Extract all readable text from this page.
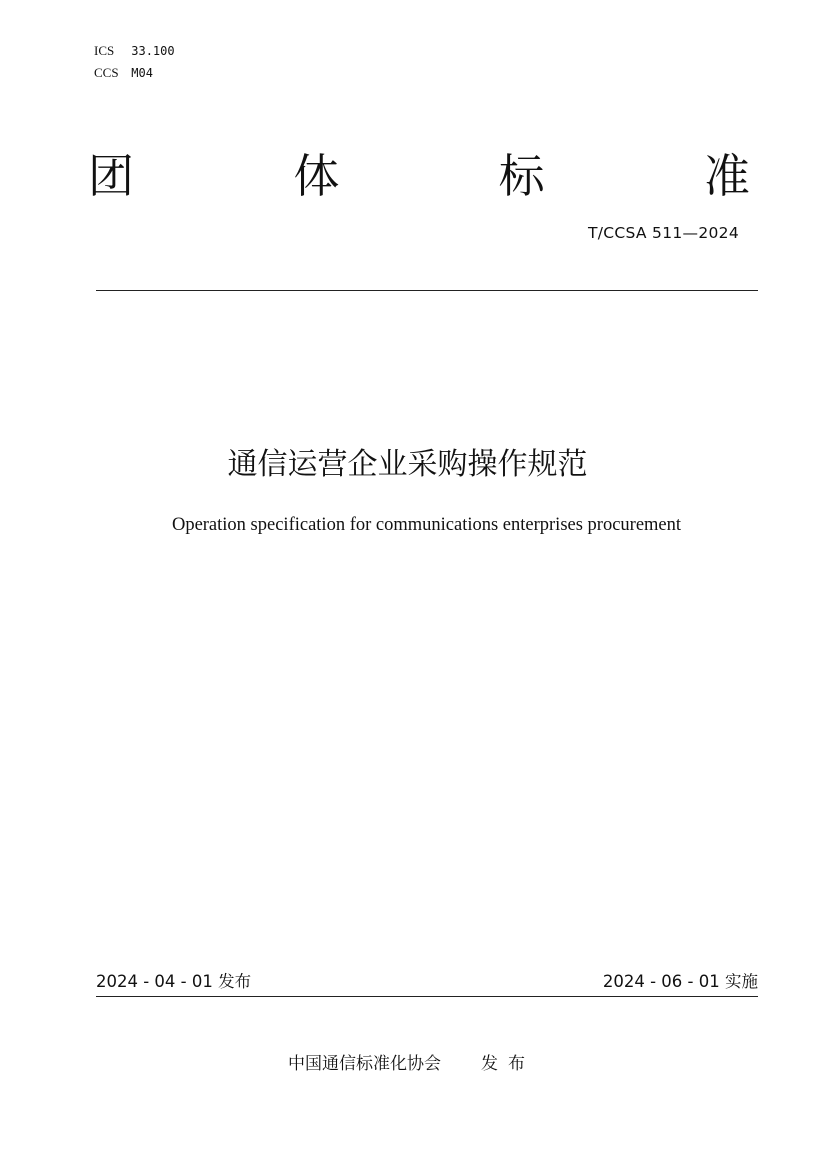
ICS 33.100
CCS M04
团	体	标	准
T/CCSA 511—2024
通信运营企业采购操作规范
Operation specification for communications enterprises procurement
2024 - 04 - 01 发布	2024 - 06 - 01 实施
中国通信标准化协会 发布
